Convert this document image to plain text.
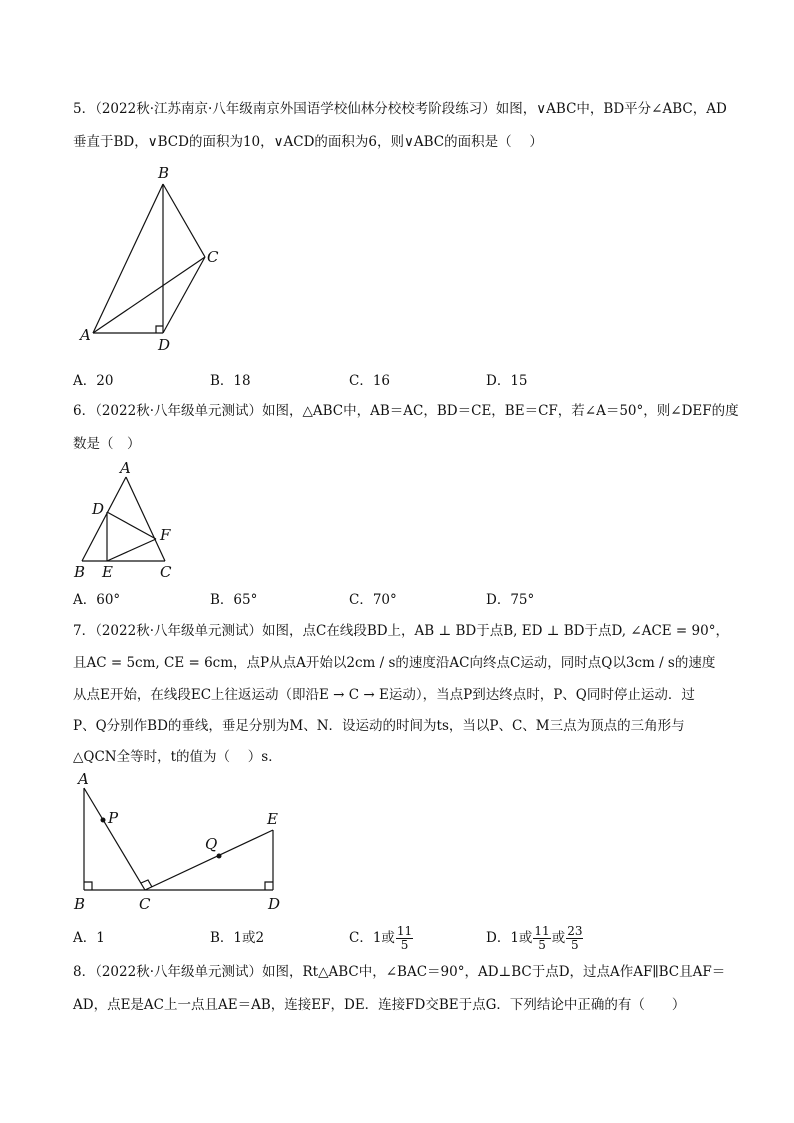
5．（2022秋·江苏南京·八年级南京外国语学校仙林分校校考阶段练习）如图，∨ABC中，BD平分∠ABC，AD
垂直于BD，∨BCD的面积为10，∨ACD的面积为6，则∨ABC的面积是（　 ）
B
C
A
D
A．20	B．18	C．16	D．15
6．（2022秋·八年级单元测试）如图，△ABC中，AB＝AC，BD＝CE，BE＝CF，若∠A＝50°，则∠DEF的度
数是（　）
A
D
F
B E	C
A．60°	B．65°	C．70°	D．75°
7．（2022秋·八年级单元测试）如图，点C在线段BD上，AB ⊥ BD于点B, ED ⊥ BD于点D, ∠ACE = 90°，
且AC = 5cm, CE = 6cm，点P从点A开始以2cm / s的速度沿AC向终点C运动，同时点Q以3cm / s的速度
从点E开始，在线段EC上往返运动（即沿E → C → E运动），当点P到达终点时，P、Q同时停止运动．过
P、Q分别作BD的垂线，垂足分别为M、N．设运动的时间为ts，当以P、C、M三点为顶点的三角形与
△QCN全等时，t的值为（　 ）s．
A
P
Q
E
B	C	D
A．1	B．1或2	C．1或 $\frac{11}{5}$	D．1或 $\frac{11}{5}$ 或 $\frac{23}{5}$
8．（2022秋·八年级单元测试）如图，Rt△ABC中，∠BAC＝90°，AD⊥BC于点D，过点A作AF∥BC且AF＝
AD，点E是AC上一点且AE＝AB，连接EF，DE．连接FD交BE于点G．下列结论中正确的有（　　）
